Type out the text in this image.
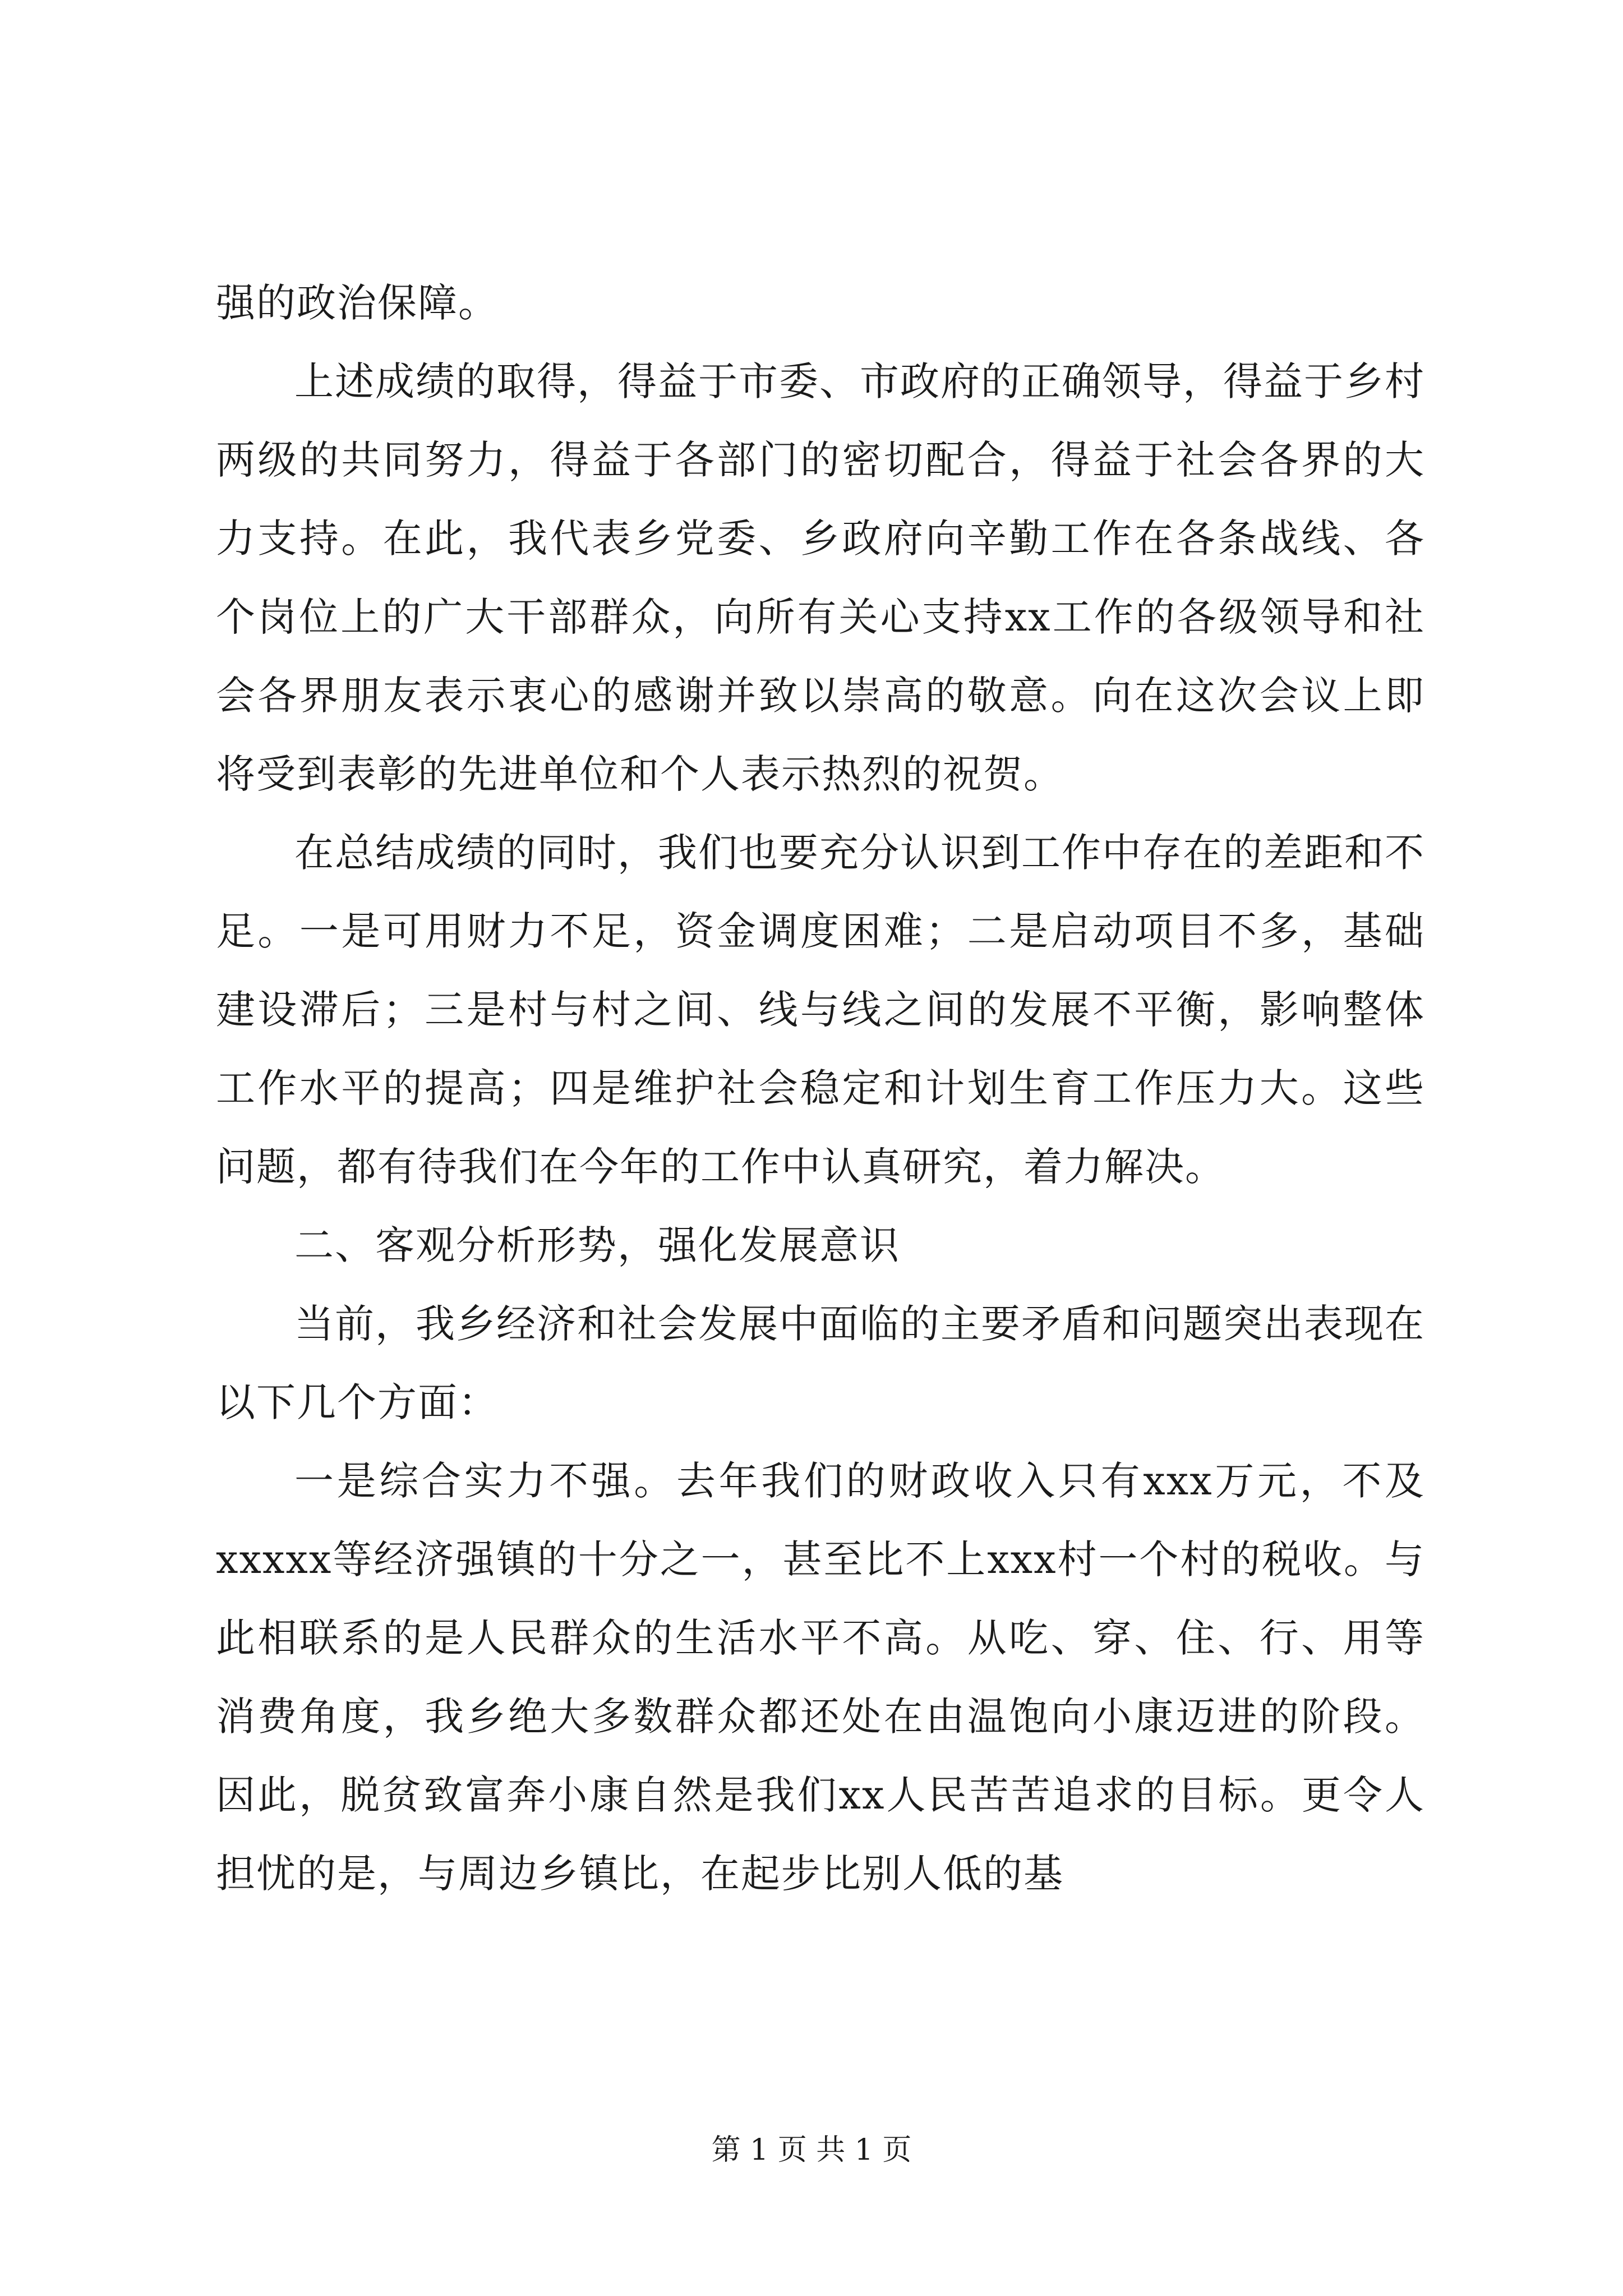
强的政治保障。

上述成绩的取得，得益于市委、市政府的正确领导，得益于乡村两级的共同努力，得益于各部门的密切配合，得益于社会各界的大力支持。在此，我代表乡党委、乡政府向辛勤工作在各条战线、各个岗位上的广大干部群众，向所有关心支持xx工作的各级领导和社会各界朋友表示衷心的感谢并致以崇高的敬意。向在这次会议上即将受到表彰的先进单位和个人表示热烈的祝贺。

在总结成绩的同时，我们也要充分认识到工作中存在的差距和不足。一是可用财力不足，资金调度困难；二是启动项目不多，基础建设滞后；三是村与村之间、线与线之间的发展不平衡，影响整体工作水平的提高；四是维护社会稳定和计划生育工作压力大。这些问题，都有待我们在今年的工作中认真研究，着力解决。

二、客观分析形势，强化发展意识

当前，我乡经济和社会发展中面临的主要矛盾和问题突出表现在以下几个方面：

一是综合实力不强。去年我们的财政收入只有xxx万元，不及xxxxx等经济强镇的十分之一，甚至比不上xxx村一个村的税收。与此相联系的是人民群众的生活水平不高。从吃、穿、住、行、用等消费角度，我乡绝大多数群众都还处在由温饱向小康迈进的阶段。因此，脱贫致富奔小康自然是我们xx人民苦苦追求的目标。更令人担忧的是，与周边乡镇比，在起步比别人低的基

第 1 页 共 1 页
